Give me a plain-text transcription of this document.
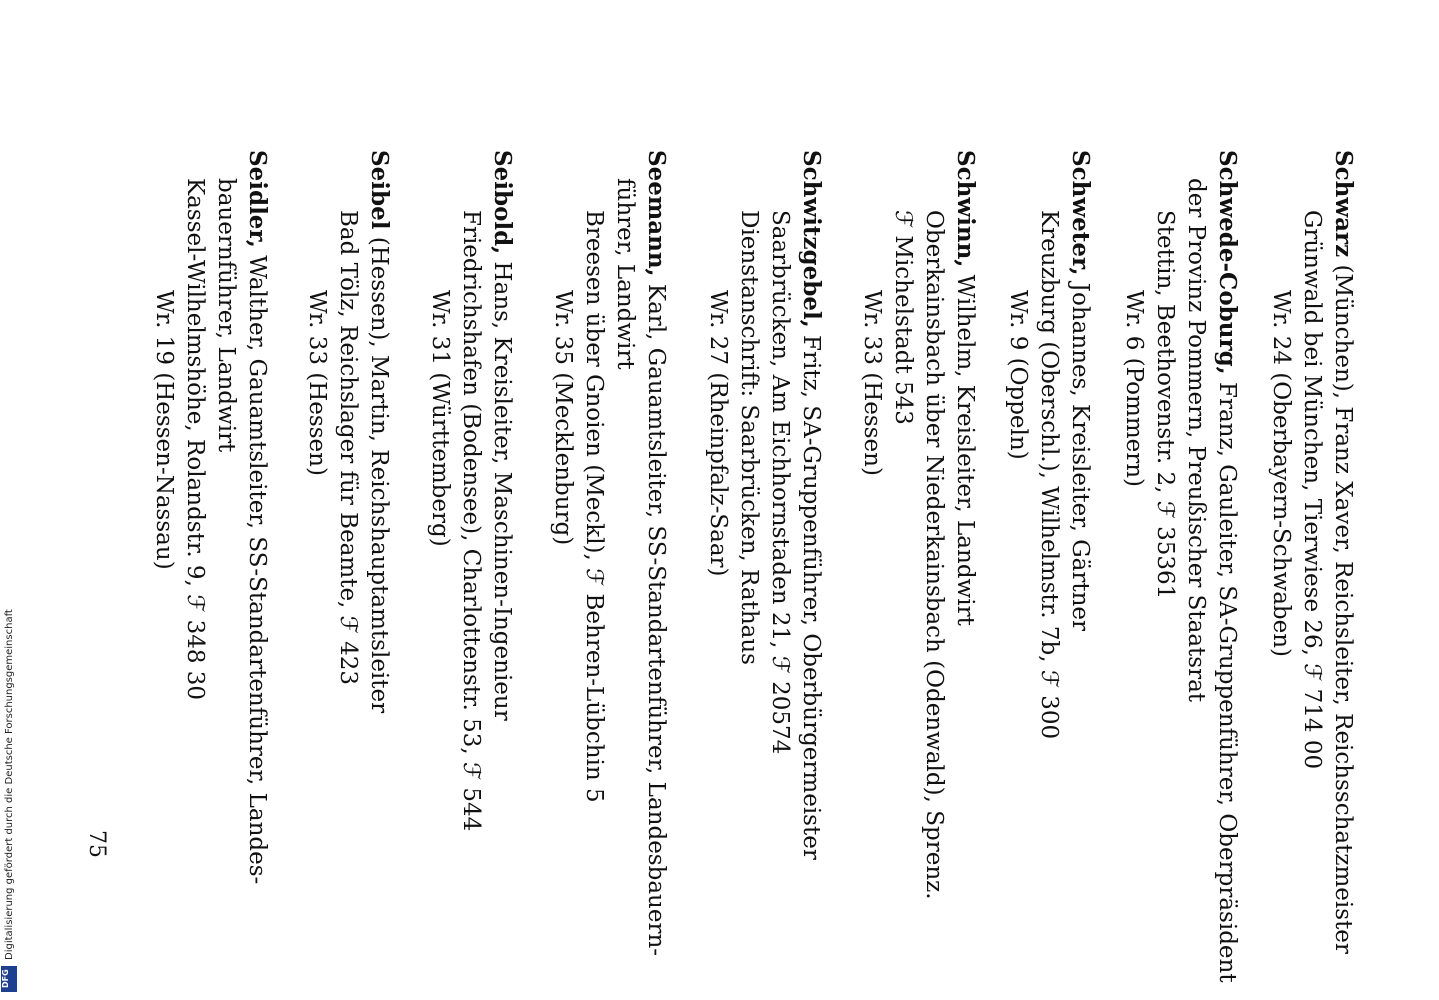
Schwarz (München), Franz Xaver, Reichsleiter, Reichsschatzmeister
Grünwald bei München, Tierwiese 26, ℱ 714 00
Wr. 24 (Oberbayern-Schwaben)
Schwede-Coburg, Franz, Gauleiter, SA-Gruppenführer, Oberpräsident
der Provinz Pommern, Preußischer Staatsrat
Stettin, Beethovenstr. 2, ℱ 35361
Wr. 6 (Pommern)
Schweter, Johannes, Kreisleiter, Gärtner
Kreuzburg (Oberschl.), Wilhelmstr. 7b, ℱ 300
Wr. 9 (Oppeln)
Schwinn, Wilhelm, Kreisleiter, Landwirt
Oberkainsbach über Niederkainsbach (Odenwald), Sprenz.
ℱ Michelstadt 543
Wr. 33 (Hessen)
Schwitzgebel, Fritz, SA-Gruppenführer, Oberbürgermeister
Saarbrücken, Am Eichhornstaden 21, ℱ 20574
Dienstanschrift: Saarbrücken, Rathaus
Wr. 27 (Rheinpfalz-Saar)
Seemann, Karl, Gauamtsleiter, SS-Standartenführer, Landesbauern-
führer, Landwirt
Breesen über Gnoien (Meckl), ℱ Behren-Lübchin 5
Wr. 35 (Mecklenburg)
Seibold, Hans, Kreisleiter, Maschinen-Ingenieur
Friedrichshafen (Bodensee), Charlottenstr. 53, ℱ 544
Wr. 31 (Württemberg)
Seibel (Hessen), Martin, Reichshauptamtsleiter
Bad Tölz, Reichslager für Beamte, ℱ 423
Wr. 33 (Hessen)
Seidler, Walther, Gauamtsleiter, SS-Standartenführer, Landes-
bauernführer, Landwirt
Kassel-Wilhelmshöhe, Rolandstr. 9, ℱ 348 30
Wr. 19 (Hessen-Nassau)
75
Digitalisierung gefördert durch die Deutsche Forschungsgemeinschaft
DFG
